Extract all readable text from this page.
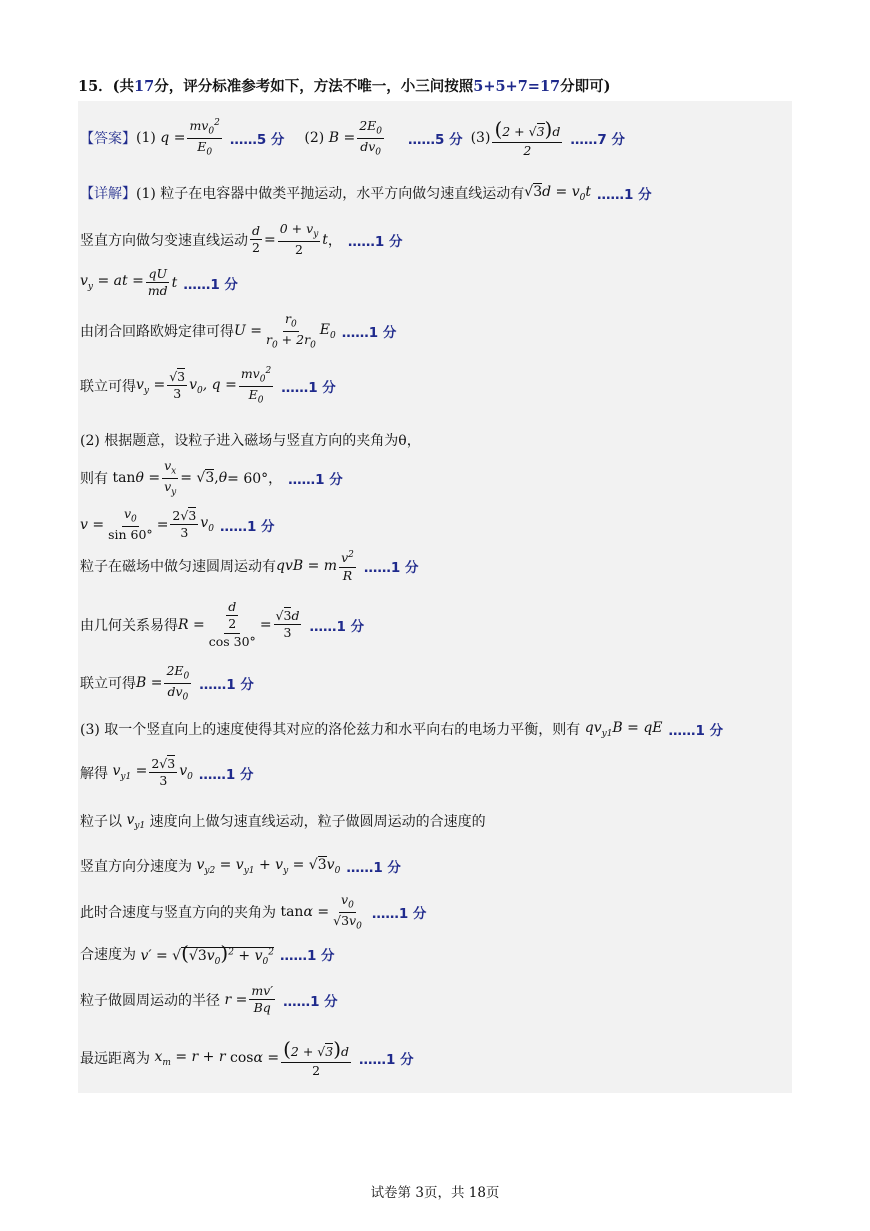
15．(共17分，评分标准参考如下，方法不唯一，小三问按照5+5+7=17分即可)
【答案】 (1) $q = \frac{mv_0^2}{E_0}$ ……5 分 (2) $B = \frac{2E_0}{dv_0}$ ……5 分 $(3) \frac{(2 + √3)d}{2}$ ……7 分
【详解】 (1) 粒子在电容器中做类平抛运动，水平方向做匀速直线运动有 $√3d = v_0t$ ……1 分
竖直方向做匀变速直线运动 $\frac{d}{2} = \frac{0 + v_y}{2}$ t ， ……1 分
$v_y$ = at = $\frac{qU}{md}$ t ……1 分
由闭合回路欧姆定律可得 $U = \frac{r_0}{r_0 + 2r_0} E_0$ ……1 分
联立可得 $v_y = \frac{√3}{3} v_0$, $q = \frac{mv_0^2}{E_0}$ ……1 分
(2) 根据题意，设粒子进入磁场与竖直方向的夹角为θ，
则有 $\tan \theta = \frac{v_x}{v_y} = √3$, θ = 60°， ……1 分
$v = \frac{v_0}{\sin 60^\circ} = \frac{2√3}{3} v_0$ ……1 分
粒子在磁场中做匀速圆周运动有 qvB = m $\frac{v^2}{R}$ ……1 分
由几何关系易得 $R = \frac{\frac{d}{2}}{\cos 30^\circ} = \frac{√3d}{3}$ ……1 分
联立可得 $B = \frac{2E_0}{dv_0}$ ……1 分
(3) 取一个竖直向上的速度使得其对应的洛伦兹力和水平向右的电场力平衡，则有 $qv_{y1}B$ = qE ……1 分
解得 $v_{y1} = \frac{2√3}{3} v_0$ ……1 分
粒子以 $v_{y1}$ 速度向上做匀速直线运动，粒子做圆周运动的合速度的
竖直方向分速度为 $v_{y2} = v_{y1} + v_y = √3v_0$ ……1 分
此时合速度与竖直方向的夹角为 $\tan \alpha = \frac{v_0}{√3v_0}$ ……1 分
合速度为 $v' = √(√3v_0)^2 + v_0^2$ ……1 分
粒子做圆周运动的半径 $r = \frac{mv'}{Bq}$ ……1 分
最远距离为 $x_m = r + r$ $\cos \alpha = \frac{(2 + √3)d}{2}$ ……1 分
试卷第 3页，共 18页
